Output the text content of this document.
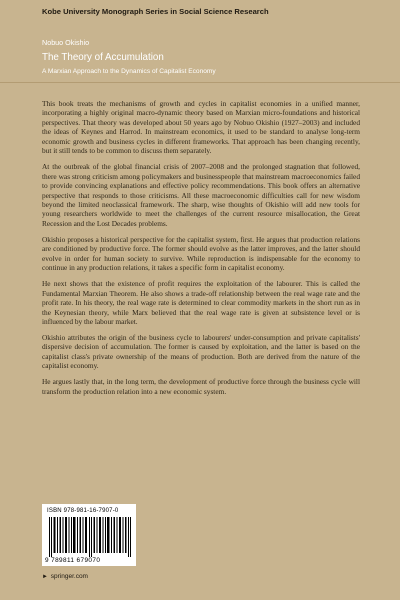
Kobe University Monograph Series in Social Science Research
Nobuo Okishio
The Theory of Accumulation
A Marxian Approach to the Dynamics of Capitalist Economy

This book treats the mechanisms of growth and cycles in capitalist economies in a unified manner, incorporating a highly original macro-dynamic theory based on Marxian micro-foundations and historical perspectives. That theory was developed about 50 years ago by Nobuo Okishio (1927–2003) and included the ideas of Keynes and Harrod. In mainstream economics, it used to be standard to analyse long-term economic growth and business cycles in different frameworks. That approach has been changing recently, but it still tends to be common to discuss them separately.

At the outbreak of the global financial crisis of 2007–2008 and the prolonged stagnation that followed, there was strong criticism among policymakers and businesspeople that mainstream macroeconomics failed to provide convincing explanations and effective policy recommendations. This book offers an alternative perspective that responds to those criticisms. All these macroeconomic difficulties call for new wisdom beyond the limited neoclassical framework. The sharp, wise thoughts of Okishio will add new tools for young researchers worldwide to meet the challenges of the current resource misallocation, the Great Recession and the Lost Decades problems.

Okishio proposes a historical perspective for the capitalist system, first. He argues that production relations are conditioned by productive force. The former should evolve as the latter improves, and the latter should evolve in order for human society to survive. While reproduction is indispensable for the economy to continue in any production relations, it takes a specific form in capitalist economy.

He next shows that the existence of profit requires the exploitation of the labourer. This is called the Fundamental Marxian Theorem. He also shows a trade-off relationship between the real wage rate and the profit rate. In his theory, the real wage rate is determined to clear commodity markets in the short run as in the Keynesian theory, while Marx believed that the real wage rate is given at subsistence level or is influenced by the labour market.

Okishio attributes the origin of the business cycle to labourers' under-consumption and private capitalists' dispersive decision of accumulation. The former is caused by exploitation, and the latter is based on the capitalist class's private ownership of the means of production. Both are derived from the nature of the capitalist economy.

He argues lastly that, in the long term, the development of productive force through the business cycle will transform the production relation into a new economic system.

ISBN 978-981-16-7907-0
9 789811 679070
► springer.com
